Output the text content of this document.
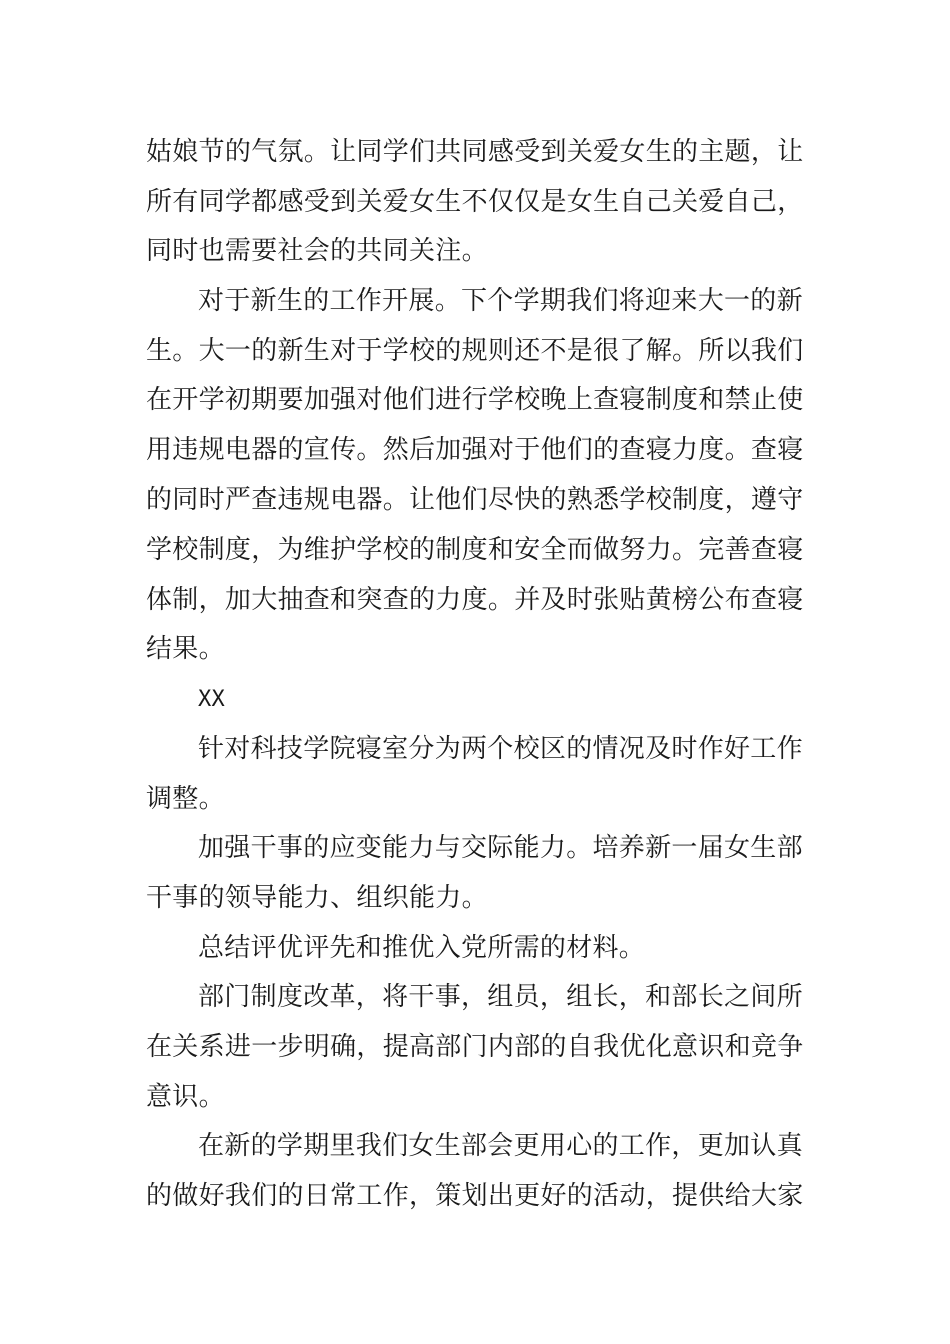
姑娘节的气氛。让同学们共同感受到关爱女生的主题，让

所有同学都感受到关爱女生不仅仅是女生自己关爱自己，

同时也需要社会的共同关注。

对于新生的工作开展。下个学期我们将迎来大一的新

生。大一的新生对于学校的规则还不是很了解。所以我们

在开学初期要加强对他们进行学校晚上查寝制度和禁止使

用违规电器的宣传。然后加强对于他们的查寝力度。查寝

的同时严查违规电器。让他们尽快的熟悉学校制度，遵守

学校制度，为维护学校的制度和安全而做努力。完善查寝

体制，加大抽查和突查的力度。并及时张贴黄榜公布查寝

结果。

XX

针对科技学院寝室分为两个校区的情况及时作好工作

调整。

加强干事的应变能力与交际能力。培养新一届女生部

干事的领导能力、组织能力。

总结评优评先和推优入党所需的材料。

部门制度改革，将干事，组员，组长，和部长之间所

在关系进一步明确，提高部门内部的自我优化意识和竞争

意识。

在新的学期里我们女生部会更用心的工作，更加认真

的做好我们的日常工作，策划出更好的活动，提供给大家
